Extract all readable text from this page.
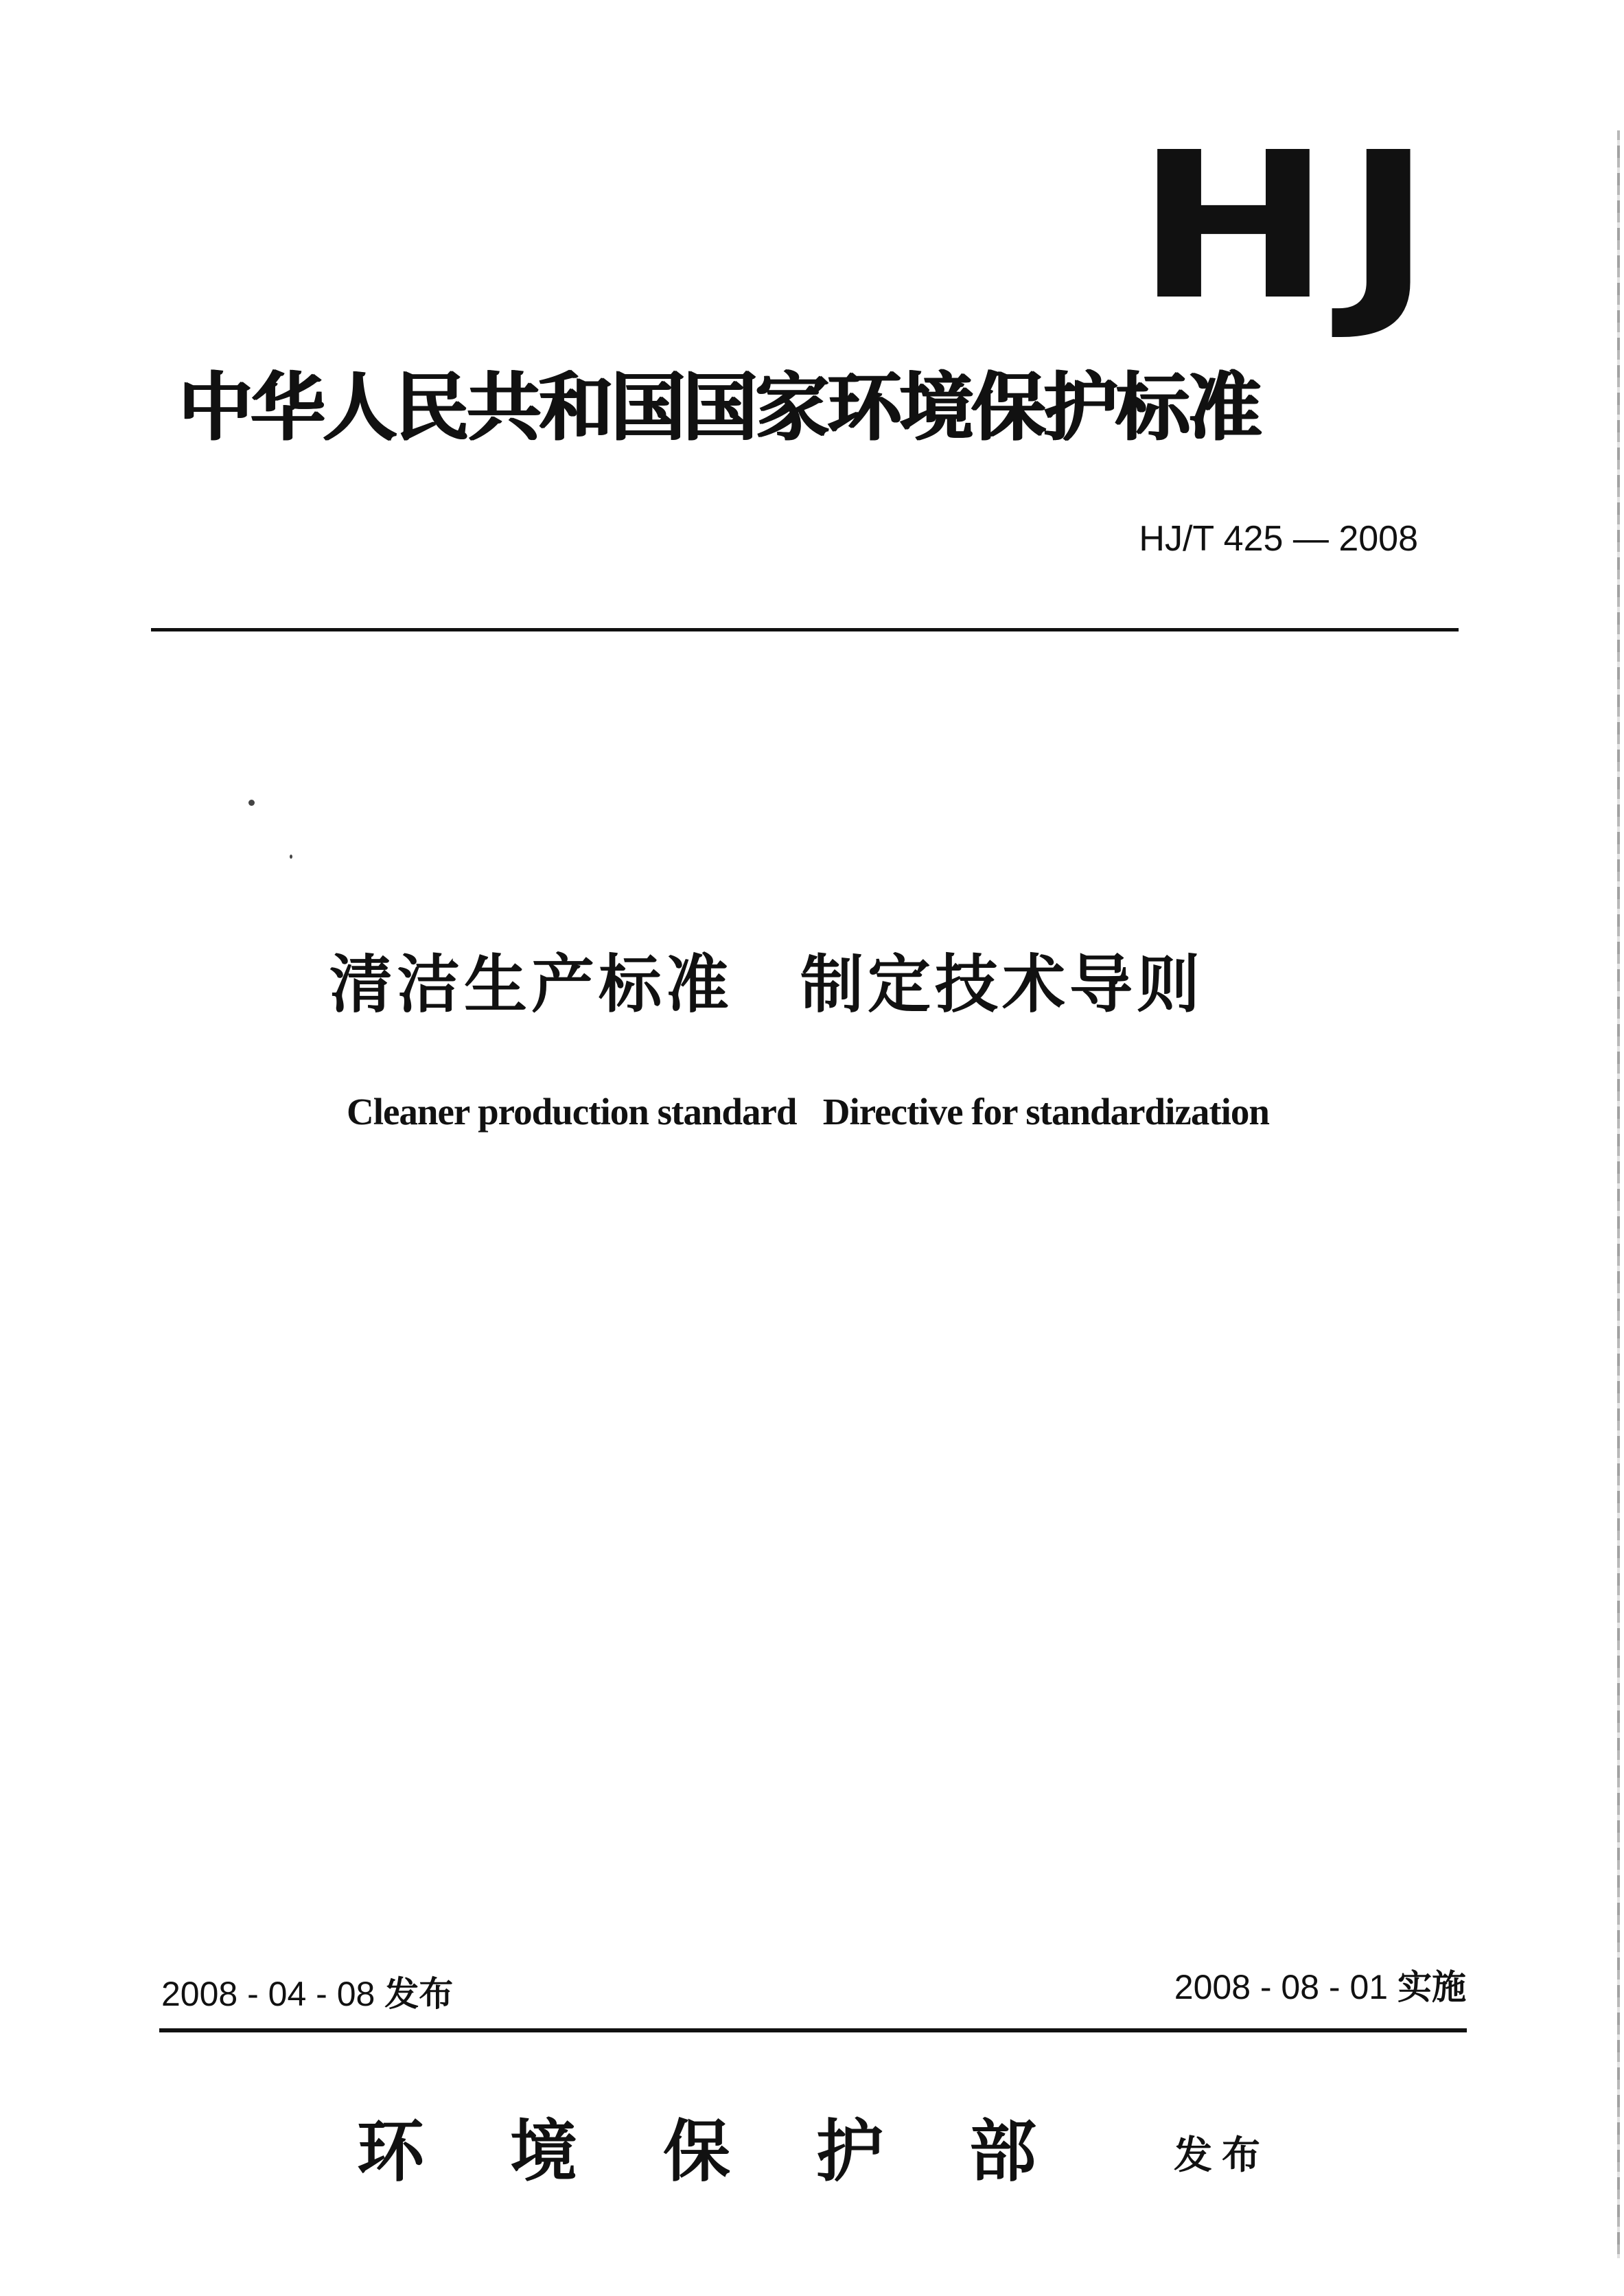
HJ
中华人民共和国国家环境保护标准
HJ/T 425 — 2008
清洁生产标准　制定技术导则
Cleaner production standard   Directive for standardization
2008 - 04 - 08 发布	2008 - 08 - 01 实施
环境保护部 发布
